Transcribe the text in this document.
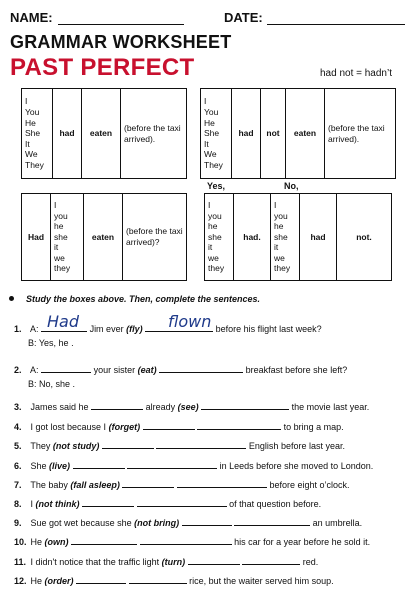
NAME:	DATE:
GRAMMAR WORKSHEET
PAST PERFECT	had not = hadn’t
I
You
He
She
It
We
They
	had	eaten	(before the taxi arrived).
I
You
He
She
It
We
They
	had	not	eaten	(before the taxi arrived).
Had	
I
you
he
she
it
we
they
	eaten	(before the taxi arrived)?
Yes,	No,
I
you
he
she
it
we
they
	had.	
I
you
he
she
it
we
they
	had	not.
Study the boxes above. Then, complete the sentences.
1. A:	Jim ever (fly)	before his flight last week?
Had	flown
B: Yes, he .
2. A:	your sister (eat)	breakfast before she left?
B: No, she .
3. James said he	already (see)	the movie last year.
4. I got lost because I (forget)	to bring a map.
5. They (not study)	English before last year.
6. She (live)	in Leeds before she moved to London.
7. The baby (fall asleep)	before eight o’clock.
8. I (not think)	of that question before.
9. Sue got wet because she (not bring)	an umbrella.
10. He (own)	his car for a year before he sold it.
11. I didn't notice that the traffic light (turn)	red.
12. He (order)	rice, but the waiter served him soup.
